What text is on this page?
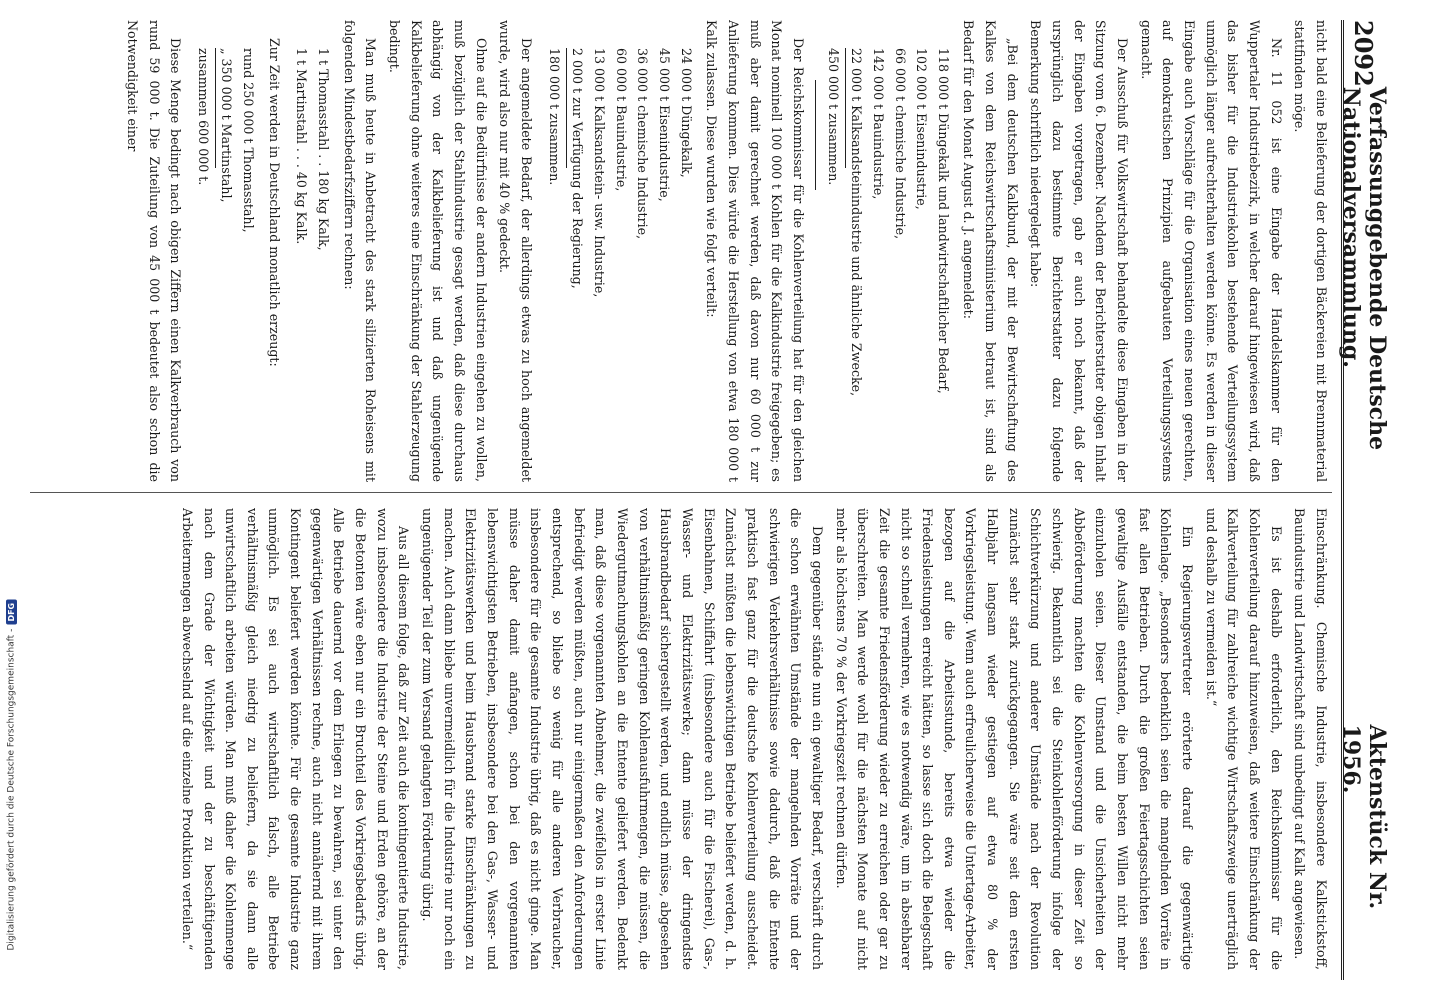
2092
Verfassunggebende Deutsche Nationalversammlung.
Aktenstück Nr. 1956.

nicht bald eine Belieferung der dortigen Bäckereien mit Brennmaterial stattfinden möge.

Nr. 11 052 ist eine Eingabe der Handelskammer für den Wuppertaler Industriebezirk, in welcher darauf hingewiesen wird, daß das bisher für die Industriekohlen bestehende Verteilungssystem unmöglich länger aufrechterhalten werden könne. Es werden in dieser Eingabe auch Vorschläge für die Organisation eines neuen gerechten, auf demokratischen Prinzipien aufgebauten Verteilungssystems gemacht.

Der Ausschuß für Volkswirtschaft behandelte diese Eingaben in der Sitzung vom 6. Dezember. Nachdem der Berichterstatter obigen Inhalt der Eingaben vorgetragen, gab er auch noch bekannt, daß der ursprünglich dazu bestimmte Berichterstatter dazu folgende Bemerkung schriftlich niedergelegt habe:

„Bei dem deutschen Kalkbund, der mit der Bewirtschaftung des Kalkes von dem Reichswirtschaftsministerium betraut ist, sind als Bedarf für den Monat August d. J. angemeldet:

118 000 t Düngekalk und landwirtschaftlicher Bedarf,
102 000 t Eisenindustrie,
66 000 t chemische Industrie,
142 000 t Bauindustrie,
22 000 t Kalksandsteinindustrie und ähnliche Zwecke,
450 000 t zusammen.

Der Reichskommissar für die Kohlenverteilung hat für den gleichen Monat nominell 100 000 t Kohlen für die Kalkindustrie freigegeben; es muß aber damit gerechnet werden, daß davon nur 60 000 t zur Anlieferung kommen. Dies würde die Herstellung von etwa 180 000 t Kalk zulassen. Diese wurden wie folgt verteilt:

24 000 t Düngekalk,
45 000 t Eisenindustrie,
36 000 t chemische Industrie,
60 000 t Bauindustrie,
13 000 t Kalksandstein- usw. Industrie,
2 000 t zur Verfügung der Regierung,
180 000 t zusammen.

Der angemeldete Bedarf, der allerdings etwas zu hoch angemeldet wurde, wird also nur mit 40 % gedeckt.

Ohne auf die Bedürfnisse der andern Industrien eingehen zu wollen, muß bezüglich der Stahlindustrie gesagt werden, daß diese durchaus abhängig von der Kalkbelieferung ist und daß ungenügende Kalkbelieferung ohne weiteres eine Einschränkung der Stahlerzeugung bedingt.

Man muß heute in Anbetracht des stark silizierten Roheisens mit folgenden Mindestbedarfsziffern rechnen:

1 t Thomasstahl . . 180 kg Kalk,
1 t Martinstahl . . . 40 kg Kalk.

Zur Zeit werden in Deutschland monatlich erzeugt:

rund 250 000 t Thomasstahl,
„ 350 000 t Martinstahl,
zusammen 600 000 t.

Diese Menge bedingt nach obigen Ziffern einen Kalkverbrauch von rund 59 000 t. Die Zuteilung von 45 000 t bedeutet also schon die Notwendigkeit einer

Einschränkung. Chemische Industrie, insbesondere Kalkstickstoff, Bauindustrie und Landwirtschaft sind unbedingt auf Kalk angewiesen.

Es ist deshalb erforderlich, den Reichskommissar für die Kohlenverteilung darauf hinzuweisen, daß weitere Einschränkung der Kalkverteilung für zahlreiche wichtige Wirtschaftszweige unerträglich und deshalb zu vermeiden ist.“

Ein Regierungsvertreter erörterte darauf die gegenwärtige Kohlenlage. „Besonders bedenklich seien die mangelnden Vorräte in fast allen Betrieben. Durch die großen Feiertagsschichten seien gewaltige Ausfälle entstanden, die beim besten Willen nicht mehr einzuholen seien. Dieser Umstand und die Unsicherheiten der Abbeförderung machten die Kohlenversorgung in dieser Zeit so schwierig. Bekanntlich sei die Steinkohlenförderung infolge der Schichtverkürzung und anderer Umstände nach der Revolution zunächst sehr stark zurückgegangen. Sie wäre seit dem ersten Halbjahr langsam wieder gestiegen auf etwa 80 % der Vorkriegsleistung. Wenn auch erfreulicherweise die Untertage-Arbeiter, bezogen auf die Arbeitsstunde, bereits etwa wieder die Friedensleistungen erreicht hätten, so lasse sich doch die Belegschaft nicht so schnell vermehren, wie es notwendig wäre, um in absehbarer Zeit die gesamte Friedensförderung wieder zu erreichen oder gar zu überschreiten. Man werde wohl für die nächsten Monate auf nicht mehr als höchstens 70 % der Vorkriegszeit rechnen dürfen.

Dem gegenüber stände nun ein gewaltiger Bedarf, verschärft durch die schon erwähnten Umstände der mangelnden Vorräte und der schwierigen Verkehrsverhältnisse sowie dadurch, daß die Entente praktisch fast ganz für die deutsche Kohlenverteilung ausscheidet. Zunächst müßten die lebenswichtigen Betriebe beliefert werden, d. h. Eisenbahnen, Schiffahrt (insbesondere auch für die Fischerei), Gas-, Wasser- und Elektrizitätswerke; dann müsse der dringendste Hausbrandbedarf sichergestellt werden, und endlich müsse, abgesehen von verhältnismäßig geringen Kohlenausfuhrmengen, die müssen, die Wiedergutmachungskohlen an die Entente geliefert werden. Bedenkt man, daß diese vorgenannten Abnehmer, die zweifellos in erster Linie befriedigt werden müßten, auch nur einigermaßen den Anforderungen entsprechend, so bliebe so wenig für alle anderen Verbraucher, insbesondere für die gesamte Industrie übrig, daß es nicht ginge. Man müsse daher damit anfangen, schon bei den vorgenannten lebenswichtigsten Betrieben, insbesondere bei den Gas-, Wasser- und Elektrizitätswerken und beim Hausbrand starke Einschränkungen zu machen. Auch dann bliebe unvermeidlich für die Industrie nur noch ein ungenügender Teil der zum Versand gelangten Förderung übrig.

Aus all diesem folge, daß zur Zeit auch die kontingentierte Industrie, wozu insbesondere die Industrie der Steine und Erden gehöre, an der die Betonten wäre eben nur ein Bruchteil des Vorkriegsbedarfs übrig. Alle Betriebe dauernd vor dem Erliegen zu bewahren, sei unter den gegenwärtigen Verhältnissen rechne, auch nicht annähernd mit ihrem Kontingent beliefert werden könnte. Für die gesamte Industrie ganz unmöglich. Es sei auch wirtschaftlich falsch, alle Betriebe verhältnismäßig gleich niedrig zu beliefern, da sie dann alle unwirtschaftlich arbeiten würden. Man muß daher die Kohlenmenge nach dem Grade der Wichtigkeit und der zu beschäftigenden Arbeitermengen abwechselnd auf die einzelne Produktion verteilen.“

Digitalisierung gefördert durch die Deutsche Forschungsgemeinschaft -
DFG
